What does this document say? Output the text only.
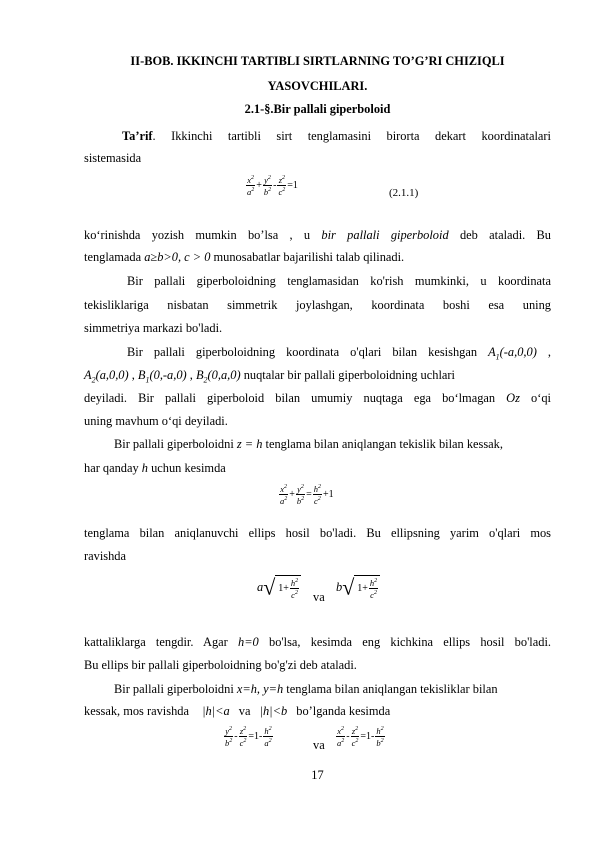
II-BOB. IKKINCHI TARTIBLI SIRTLARNING TO’G’RI CHIZIQLI
YASOVCHILARI.
2.1-§.Bir pallali giperboloid
Ta’rif. Ikkinchi tartibli sirt tenglamasini birorta dekart koordinatalari
sistemasida
$\frac{x^2}{a^2} + \frac{y^2}{b^2} - \frac{z^2}{c^2} =1$
(2.1.1)
ko‘rinishda yozish mumkin bo’lsa , u bir pallali giperboloid deb ataladi. Bu
tenglamada a≥b>0, c > 0 munosabatlar bajarilishi talab qilinadi.
Bir pallali giperboloidning tenglamasidan ko'rish mumkinki, u koordinata
tekisliklariga nisbatan simmetrik joylashgan, koordinata boshi esa uning
simmetriya markazi bo'ladi.
Bir pallali giperboloidning koordinata o'qlari bilan kesishgan $A_1(-a,0,0)$ ,
$A_2(a,0,0)$ , $B_1(0,-a,0)$ , $B_2(0,a,0)$ nuqtalar bir pallali giperboloidning uchlari
deyiladi. Bir pallali giperboloid bilan umumiy nuqtaga ega bo‘lmagan Oz o‘qi
uning mavhum o‘qi deyiladi.
Bir pallali giperboloidni z = h tenglama bilan aniqlangan tekislik bilan kessak,
har qanday h uchun kesimda
$\frac{x^2}{a^2} + \frac{y^2}{b^2} = \frac{h^2}{c^2} +1$
tenglama bilan aniqlanuvchi ellips hosil bo'ladi. Bu ellipsning yarim o'qlari mos
ravishda
a√ $1+ \frac{h^2}{c^2}$ va
b√ $1+ \frac{h^2}{c^2}$
kattaliklarga tengdir. Agar h=0 bo'lsa, kesimda eng kichkina ellips hosil bo'ladi.
Bu ellips bir pallali giperboloidning bo'g'zi deb ataladi.
Bir pallali giperboloidni x=h, y=h tenglama bilan aniqlangan tekisliklar bilan
kessak, mos ravishda |h|<a va |h|<b bo’lganda kesimda
$\frac{y^2}{b^2} - \frac{z^2}{c^2} =1- \frac{h^2}{a^2}$	va $\frac{x^2}{a^2} - \frac{z^2}{c^2} =1- \frac{h^2}{b^2}$
17
